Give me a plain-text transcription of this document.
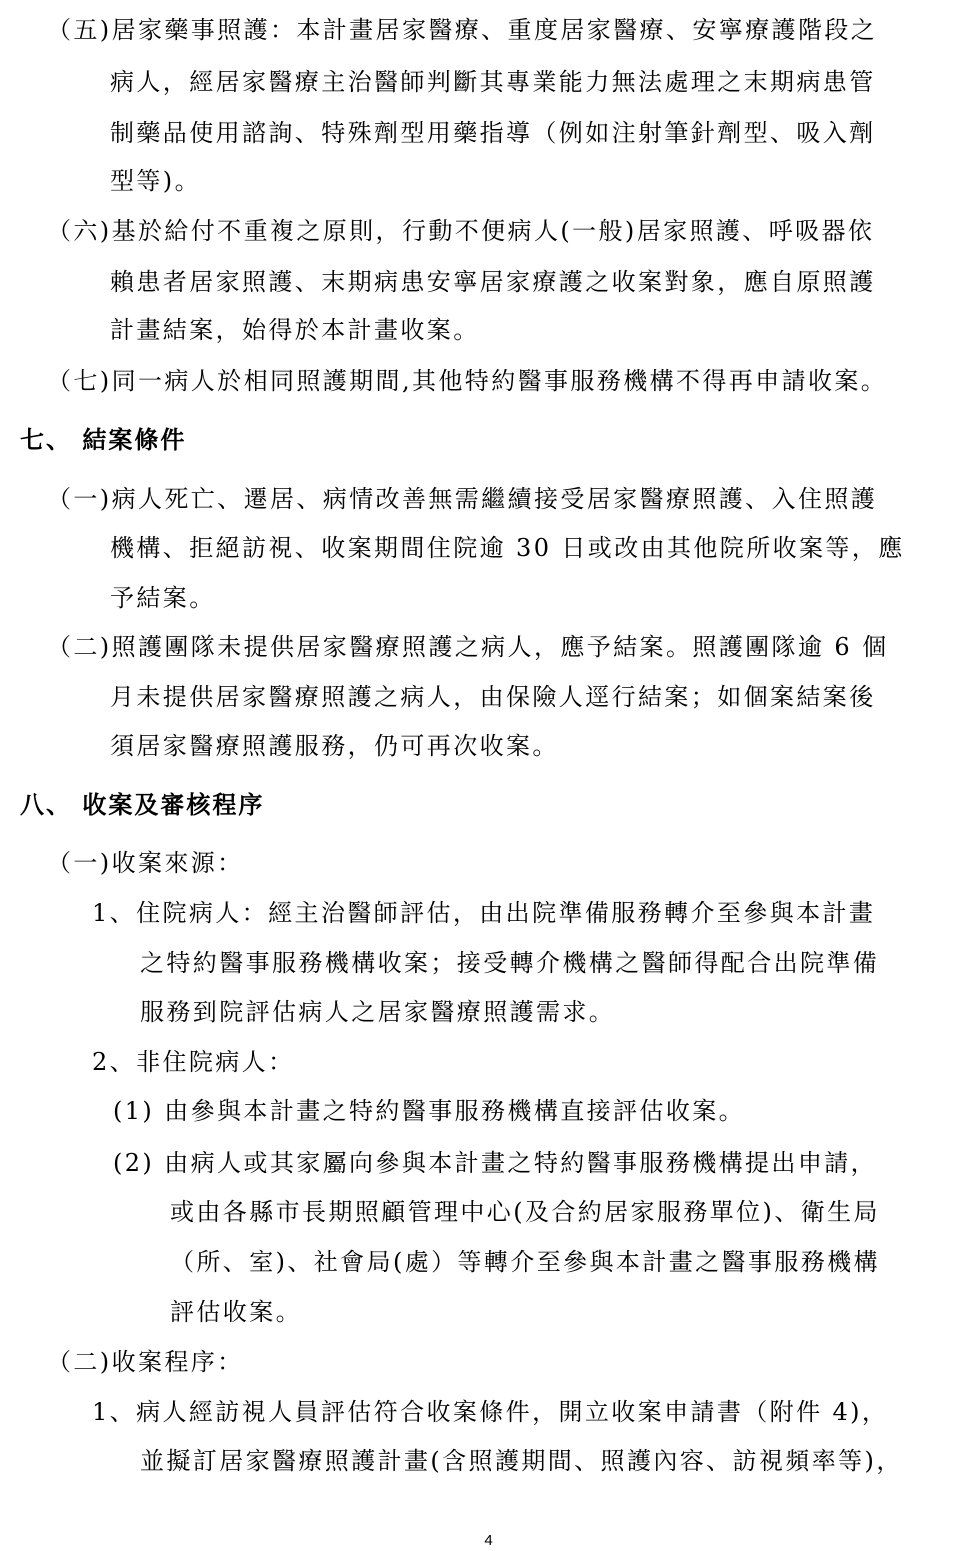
（五)居家藥事照護：本計畫居家醫療、重度居家醫療、安寧療護階段之
病人，經居家醫療主治醫師判斷其專業能力無法處理之末期病患管
制藥品使用諮詢、特殊劑型用藥指導（例如注射筆針劑型、吸入劑
型等)。
（六)基於給付不重複之原則，行動不便病人(一般)居家照護、呼吸器依
賴患者居家照護、末期病患安寧居家療護之收案對象，應自原照護
計畫結案，始得於本計畫收案。
（七)同一病人於相同照護期間,其他特約醫事服務機構不得再申請收案。
七、 結案條件
（一)病人死亡、遷居、病情改善無需繼續接受居家醫療照護、入住照護
機構、拒絕訪視、收案期間住院逾 30 日或改由其他院所收案等，應
予結案。
（二)照護團隊未提供居家醫療照護之病人，應予結案。照護團隊逾 6 個
月未提供居家醫療照護之病人，由保險人逕行結案；如個案結案後
須居家醫療照護服務，仍可再次收案。
八、 收案及審核程序
（一)收案來源：
1、住院病人：經主治醫師評估，由出院準備服務轉介至參與本計畫
之特約醫事服務機構收案；接受轉介機構之醫師得配合出院準備
服務到院評估病人之居家醫療照護需求。
2、非住院病人：
(1) 由參與本計畫之特約醫事服務機構直接評估收案。
(2) 由病人或其家屬向參與本計畫之特約醫事服務機構提出申請，
或由各縣市長期照顧管理中心(及合約居家服務單位)、衛生局
（所、室)、社會局(處）等轉介至參與本計畫之醫事服務機構
評估收案。
（二)收案程序：
1、病人經訪視人員評估符合收案條件，開立收案申請書（附件 4)，
並擬訂居家醫療照護計畫(含照護期間、照護內容、訪視頻率等)，
4
